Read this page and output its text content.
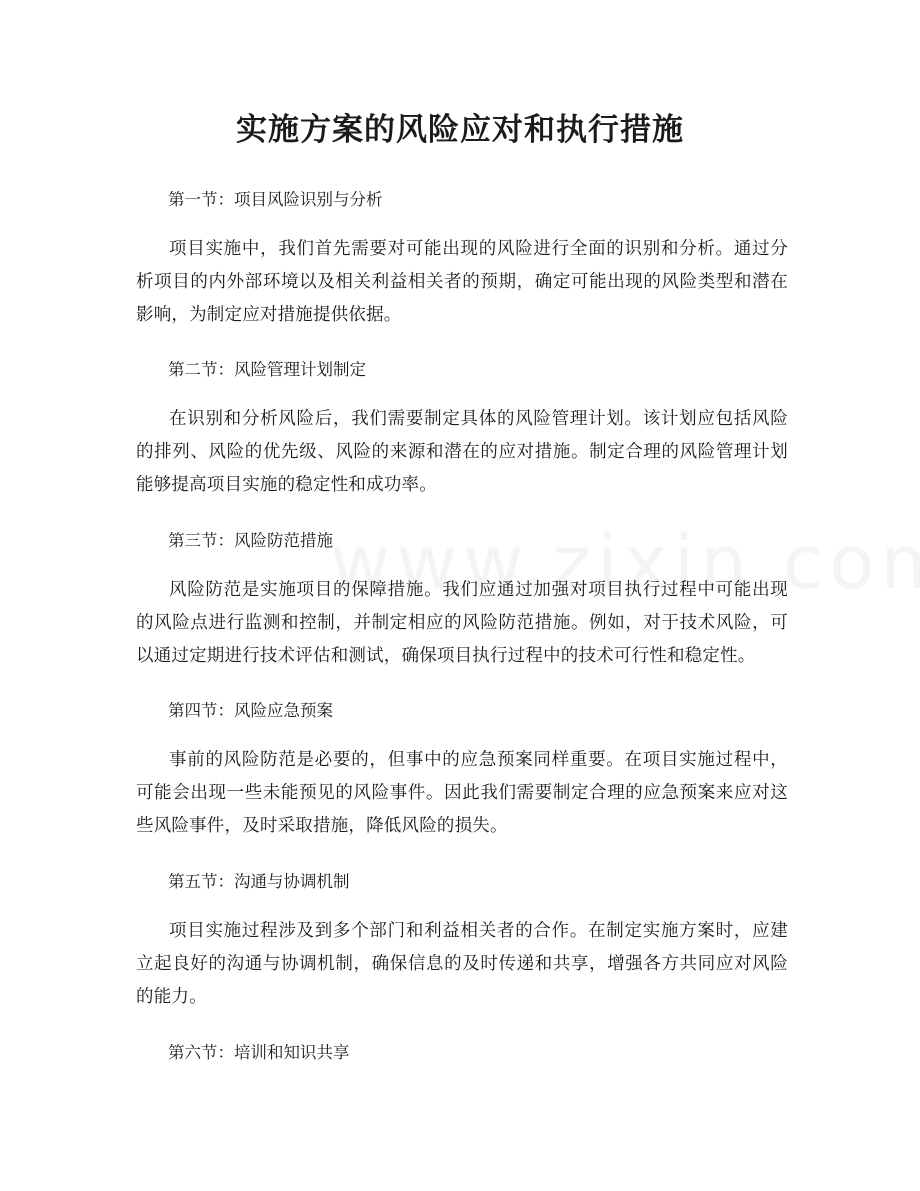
实施方案的风险应对和执行措施

第一节：项目风险识别与分析

项目实施中，我们首先需要对可能出现的风险进行全面的识别和分析。通过分析项目的内外部环境以及相关利益相关者的预期，确定可能出现的风险类型和潜在影响，为制定应对措施提供依据。

第二节：风险管理计划制定

在识别和分析风险后，我们需要制定具体的风险管理计划。该计划应包括风险的排列、风险的优先级、风险的来源和潜在的应对措施。制定合理的风险管理计划能够提高项目实施的稳定性和成功率。

第三节：风险防范措施

风险防范是实施项目的保障措施。我们应通过加强对项目执行过程中可能出现的风险点进行监测和控制，并制定相应的风险防范措施。例如，对于技术风险，可以通过定期进行技术评估和测试，确保项目执行过程中的技术可行性和稳定性。

第四节：风险应急预案

事前的风险防范是必要的，但事中的应急预案同样重要。在项目实施过程中，可能会出现一些未能预见的风险事件。因此我们需要制定合理的应急预案来应对这些风险事件，及时采取措施，降低风险的损失。

第五节：沟通与协调机制

项目实施过程涉及到多个部门和利益相关者的合作。在制定实施方案时，应建立起良好的沟通与协调机制，确保信息的及时传递和共享，增强各方共同应对风险的能力。

第六节：培训和知识共享
